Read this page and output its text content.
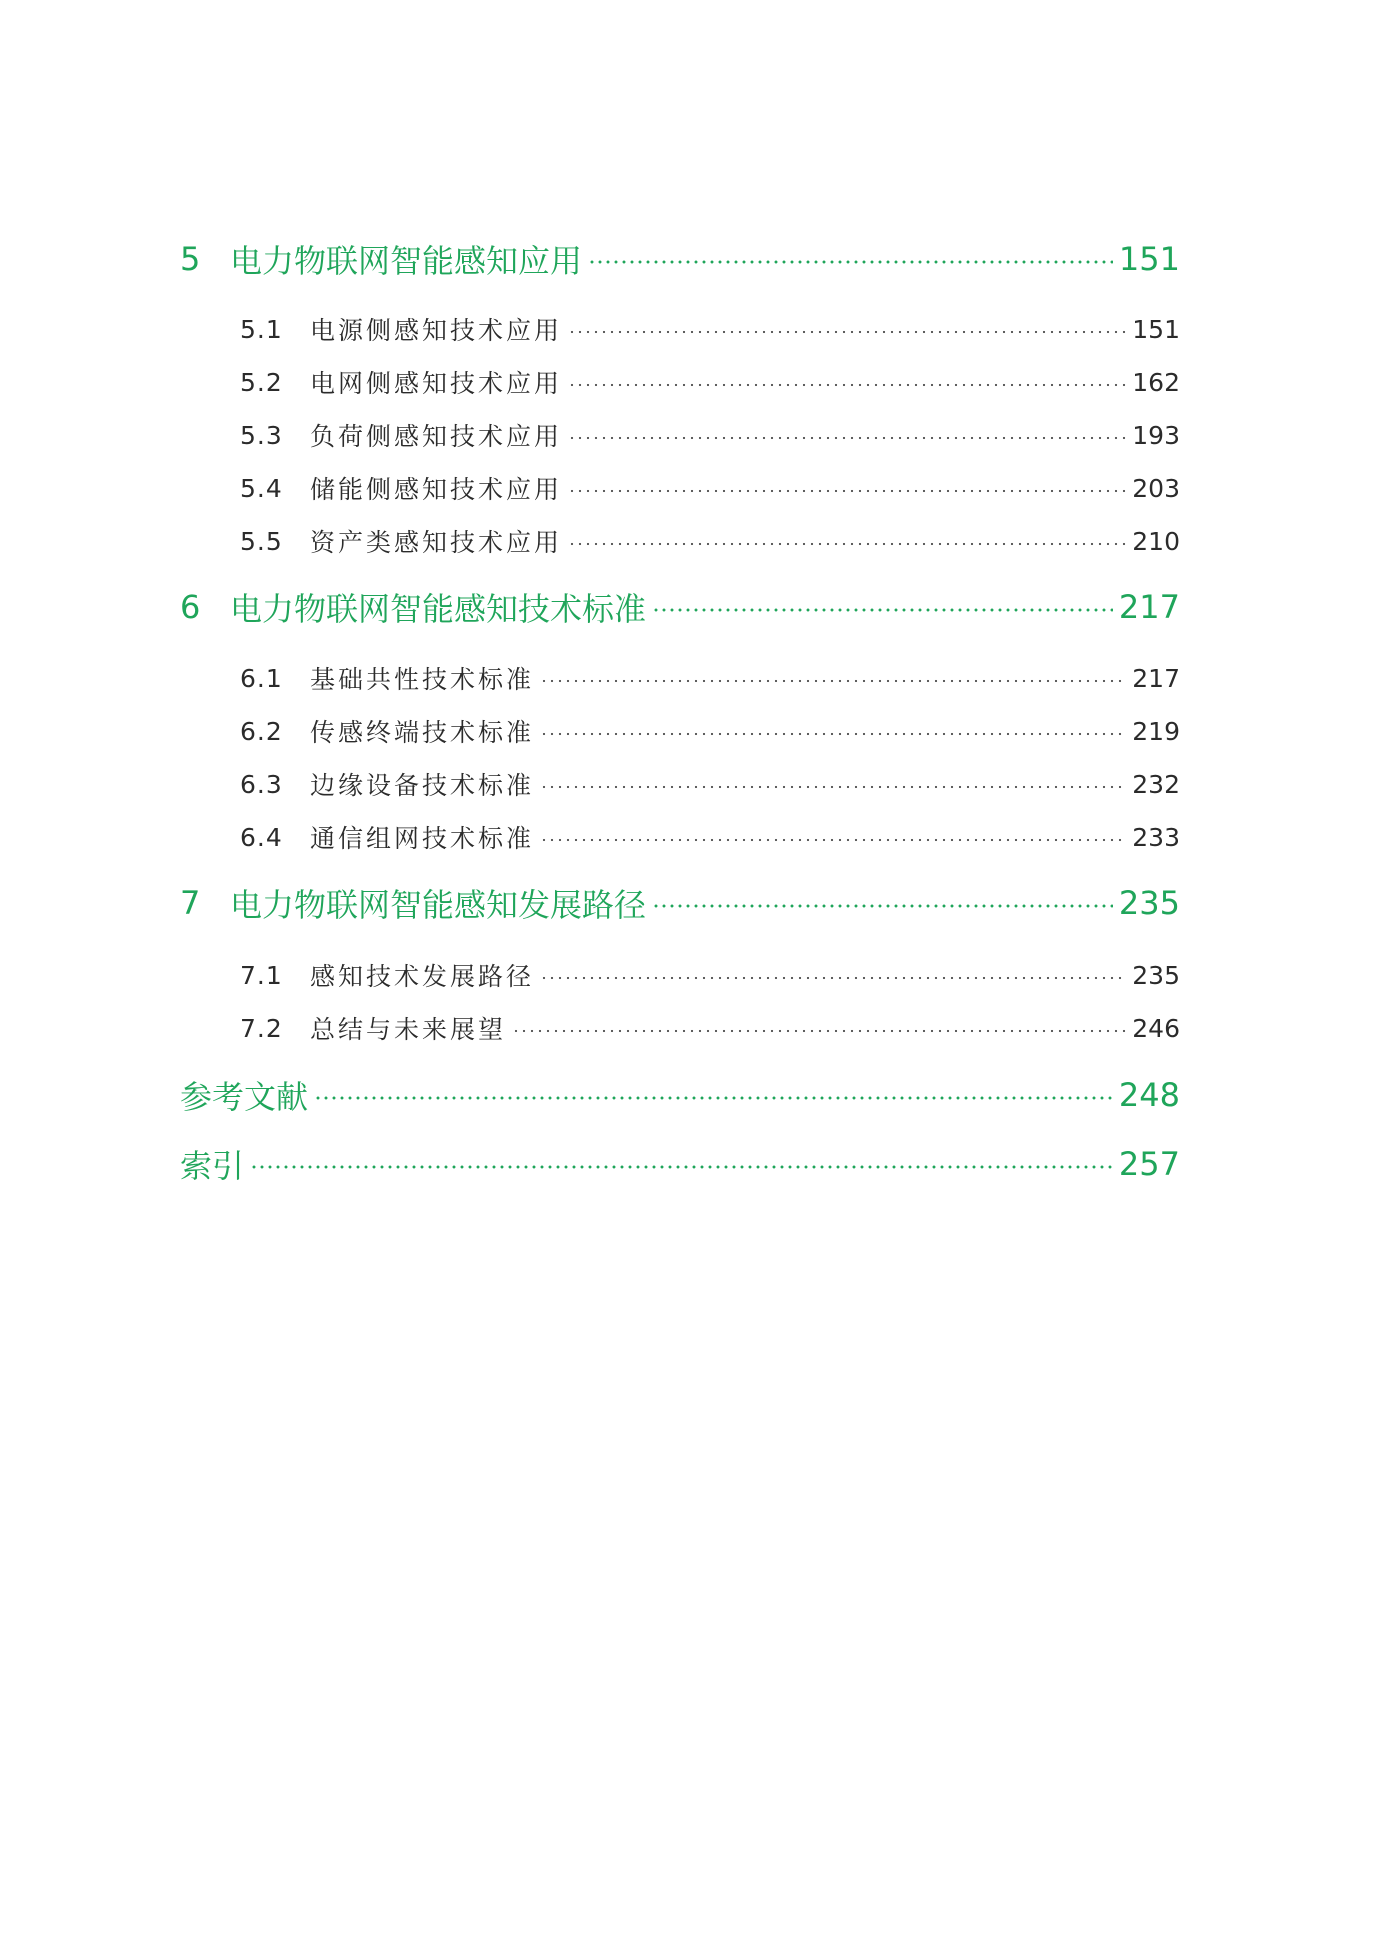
5 电力物联网智能感知应用	151
5.1	电源侧感知技术应用	151
5.2	电网侧感知技术应用	162
5.3	负荷侧感知技术应用	193
5.4	储能侧感知技术应用	203
5.5	资产类感知技术应用	210
6 电力物联网智能感知技术标准	217
6.1	基础共性技术标准	217
6.2	传感终端技术标准	219
6.3	边缘设备技术标准	232
6.4	通信组网技术标准	233
7 电力物联网智能感知发展路径	235
7.1	感知技术发展路径	235
7.2	总结与未来展望	246
参考文献	248
索引	257
